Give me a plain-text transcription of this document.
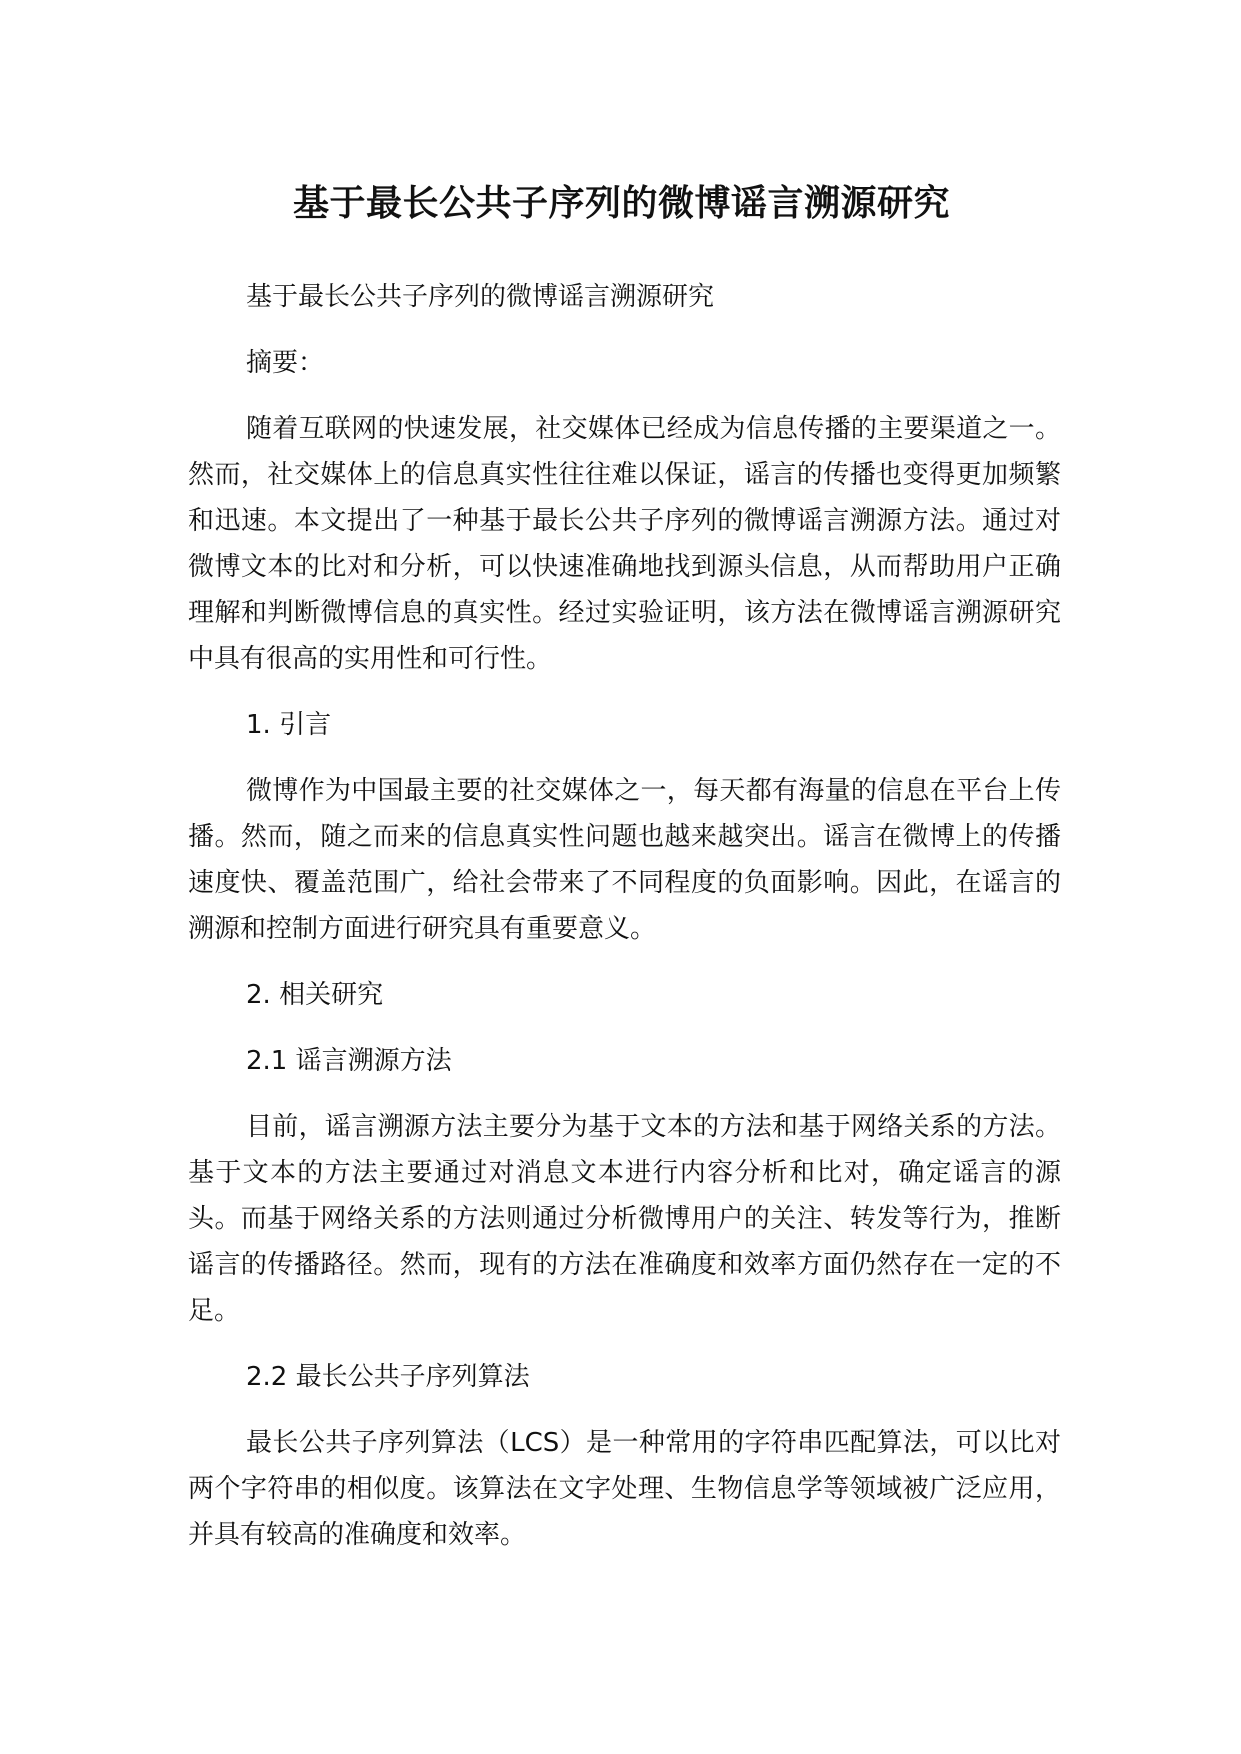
基于最长公共子序列的微博谣言溯源研究

基于最长公共子序列的微博谣言溯源研究

摘要：

随着互联网的快速发展，社交媒体已经成为信息传播的主要渠道之一。然而，社交媒体上的信息真实性往往难以保证，谣言的传播也变得更加频繁和迅速。本文提出了一种基于最长公共子序列的微博谣言溯源方法。通过对微博文本的比对和分析，可以快速准确地找到源头信息，从而帮助用户正确理解和判断微博信息的真实性。经过实验证明，该方法在微博谣言溯源研究中具有很高的实用性和可行性。

1. 引言

微博作为中国最主要的社交媒体之一，每天都有海量的信息在平台上传播。然而，随之而来的信息真实性问题也越来越突出。谣言在微博上的传播速度快、覆盖范围广，给社会带来了不同程度的负面影响。因此，在谣言的溯源和控制方面进行研究具有重要意义。

2. 相关研究

2.1 谣言溯源方法

目前，谣言溯源方法主要分为基于文本的方法和基于网络关系的方法。基于文本的方法主要通过对消息文本进行内容分析和比对，确定谣言的源头。而基于网络关系的方法则通过分析微博用户的关注、转发等行为，推断谣言的传播路径。然而，现有的方法在准确度和效率方面仍然存在一定的不足。

2.2 最长公共子序列算法

最长公共子序列算法（LCS）是一种常用的字符串匹配算法，可以比对两个字符串的相似度。该算法在文字处理、生物信息学等领域被广泛应用，并具有较高的准确度和效率。
